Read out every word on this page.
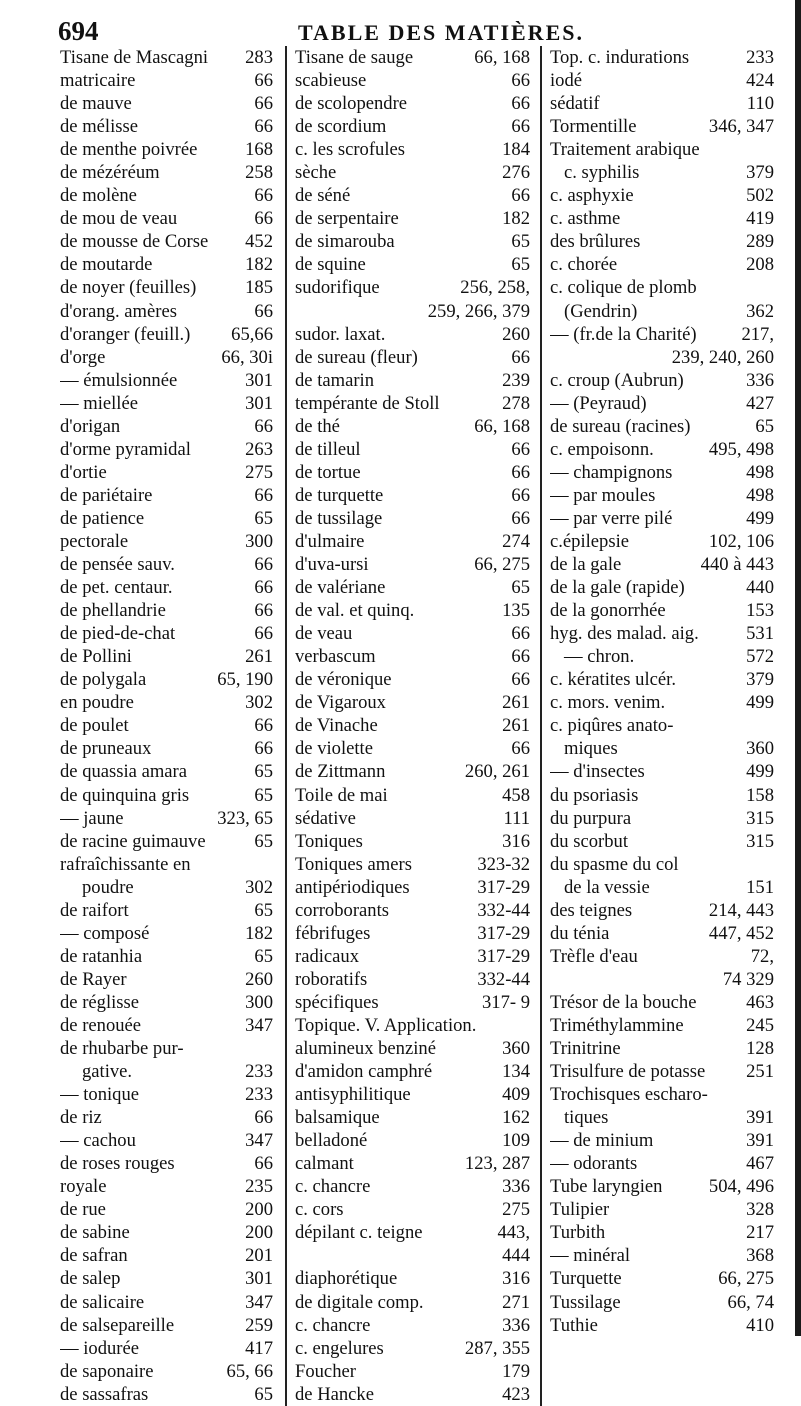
694	TABLE DES MATIÈRES.
Tisane de Mascagni 283
matricaire	66
de mauve	66
de mélisse	66
de menthe poivrée	168
de mézéréum	258
de molène	66
de mou de veau	66
de mousse de Corse 452
de moutarde	182
de noyer (feuilles)	185
d'orang. amères	66
d'oranger (feuill.) 65,66
d'orge	66, 30i
— émulsionnée	301
— miellée	301
d'origan	66
d'orme pyramidal	263
d'ortie	275
de pariétaire	66
de patience	65
pectorale	300
de pensée sauv.	66
de pet. centaur.	66
de phellandrie	66
de pied-de-chat	66
de Pollini	261
de polygala	65, 190
en poudre	302
de poulet	66
de pruneaux	66
de quassia amara	65
de quinquina gris	65
— jaune	323, 65
de racine guimauve	65
rafraîchissante en
poudre	302
de raifort	65
— composé	182
de ratanhia	65
de Rayer	260
de réglisse	300
de renouée	347
de rhubarbe pur-
gative.	233
— tonique	233
de riz	66
— cachou	347
de roses rouges	66
royale	235
de rue	200
de sabine	200
de safran	201
de salep	301
de salicaire	347
de salsepareille	259
— iodurée	417
de saponaire	65, 66
de sassafras	65
Tisane de sauge	66, 168
scabieuse	66
de scolopendre	66
de scordium	66
c. les scrofules	184
sèche	276
de séné	66
de serpentaire	182
de simarouba	65
de squine	65
sudorifique	256, 258,
259, 266, 379
sudor. laxat.	260
de sureau (fleur)	66
de tamarin	239
tempérante de Stoll	278
de thé	66, 168
de tilleul	66
de tortue	66
de turquette	66
de tussilage	66
d'ulmaire	274
d'uva-ursi	66, 275
de valériane	65
de val. et quinq.	135
de veau	66
verbascum	66
de véronique	66
de Vigaroux	261
de Vinache	261
de violette	66
de Zittmann	260, 261
Toile de mai	458
sédative	111
Toniques	316
Toniques amers	323-32
antipériodiques	317-29
corroborants	332-44
fébrifuges	317-29
radicaux	317-29
roboratifs	332-44
spécifiques	317- 9
Topique. V. Application.
alumineux benziné	360
d'amidon camphré	134
antisyphilitique	409
balsamique	162
belladoné	109
calmant	123, 287
c. chancre	336
c. cors	275
dépilant c. teigne	443,
444
diaphorétique	316
de digitale comp.	271
c. chancre	336
c. engelures	287, 355
Foucher	179
de Hancke	423
Top. c. indurations	233
iodé	424
sédatif	110
Tormentille	346, 347
Traitement arabique
c. syphilis	379
c. asphyxie	502
c. asthme	419
des brûlures	289
c. chorée	208
c. colique de plomb
(Gendrin)	362
— (fr.de la Charité) 217,
239, 240, 260
c. croup (Aubrun)	336
— (Peyraud)	427
de sureau (racines)	65
c. empoisonn.	495, 498
— champignons	498
— par moules	498
— par verre pilé	499
c.épilepsie	102, 106
de la gale	440 à 443
de la gale (rapide)	440
de la gonorrhée	153
hyg. des malad. aig.	531
— chron.	572
c. kératites ulcér.	379
c. mors. venim.	499
c. piqûres anato-
miques	360
— d'insectes	499
du psoriasis	158
du purpura	315
du scorbut	315
du spasme du col
de la vessie	151
des teignes	214, 443
du ténia	447, 452
Trèfle d'eau	72,
74 329
Trésor de la bouche	463
Triméthylammine	245
Trinitrine	128
Trisulfure de potasse 251
Trochisques escharo-
tiques	391
— de minium	391
— odorants	467
Tube laryngien	504, 496
Tulipier	328
Turbith	217
— minéral	368
Turquette	66, 275
Tussilage	66, 74
Tuthie	410
